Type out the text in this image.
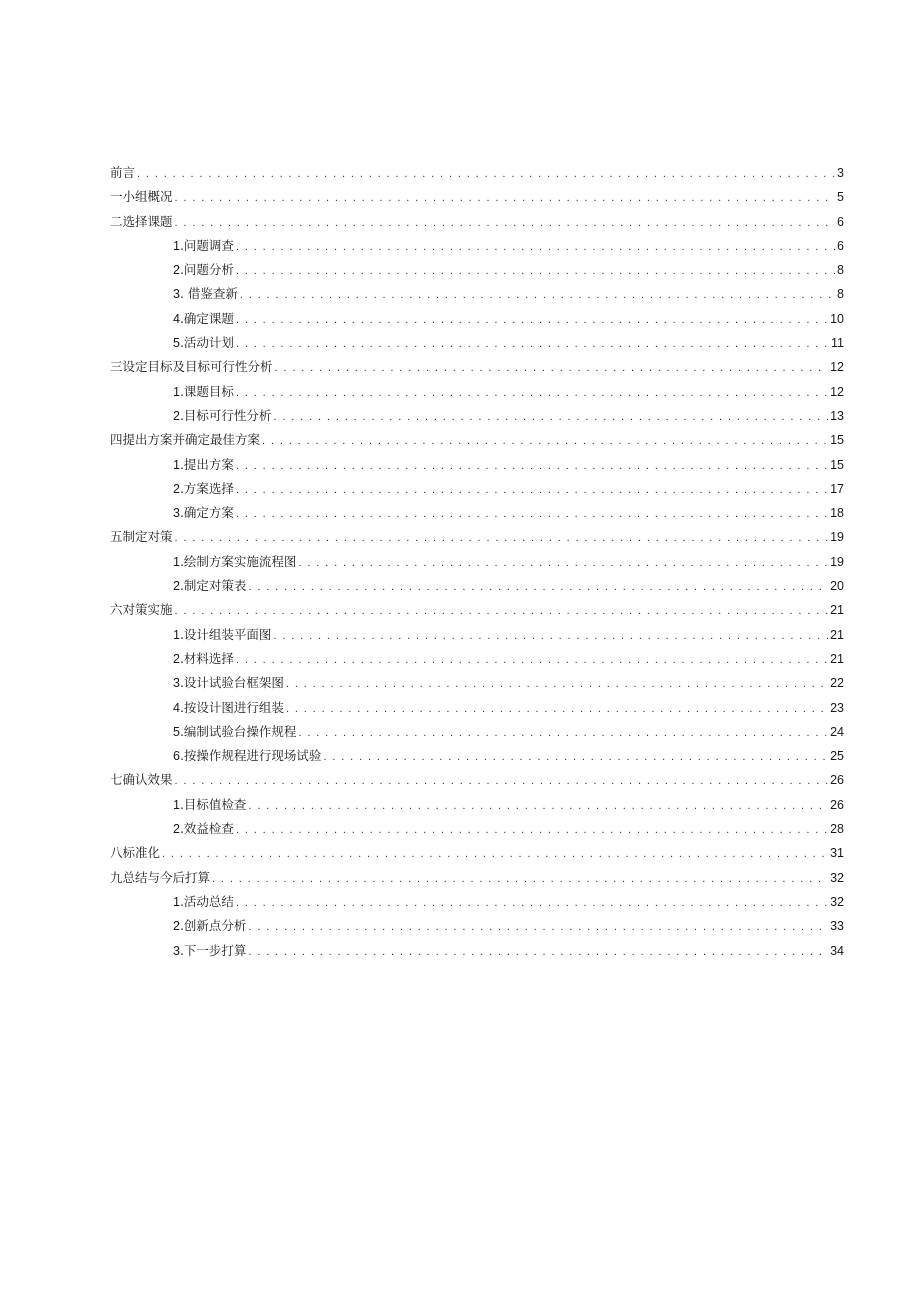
前言 . . .	3
一小组概况 . . .	5
二选择课题 . . .	6
1 .问题调查 . . .	6
2 .问题分析 . . .	8
3 . 借鉴查新 . . .	8
4 .确定课题 . . .	10
5 .活动计划 . . .	11
三设定目标及目标可行性分析 . . .	12
1 .课题目标 . . .	12
2 .目标可行性分析 . . .	13
四提出方案并确定最佳方案 . . .	15
1 .提出方案 . . .	15
2 .方案选择 . . .	17
3 .确定方案 . . .	18
五制定对策 . . .	19
1 .绘制方案实施流程图 . . .	19
2 .制定对策表 . . .	20
六对策实施 . . .	21
1 .设计组装平面图 . . .	21
2 .材料选择 . . .	21
3 .设计试验台框架图 . . .	22
4 .按设计图进行组装 . . .	23
5 .编制试验台操作规程 . . .	24
6 .按操作规程进行现场试验 . . .	25
七确认效果 . . .	26
1 .目标值检查 . . .	26
2 .效益检查 . . .	28
八标准化 . . .	31
九总结与今后打算 . . .	32
1 .活动总结 . . .	32
2 .创新点分析 . . .	33
3 .下一步打算 . . .	34
